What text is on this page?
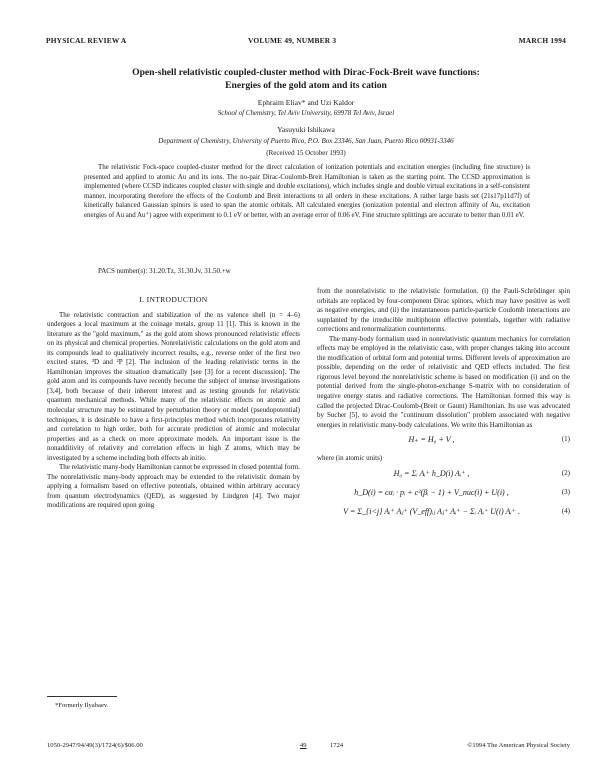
PHYSICAL REVIEW A	VOLUME 49, NUMBER 3	MARCH 1994
Open-shell relativistic coupled-cluster method with Dirac-Fock-Breit wave functions:
Energies of the gold atom and its cation
Ephraim Eliav* and Uzi Kaldor
School of Chemistry, Tel Aviv University, 69978 Tel Aviv, Israel
Yasuyuki Ishikawa
Department of Chemistry, University of Puerto Rico, P.O. Box 23346, San Juan, Puerto Rico 00931-3346
(Received 15 October 1993)
The relativistic Fock-space coupled-cluster method for the direct calculation of ionization potentials and excitation energies (including fine structure) is presented and applied to atomic Au and its ions. The no-pair Dirac-Coulomb-Breit Hamiltonian is taken as the starting point. The CCSD approximation is implemented (where CCSD indicates coupled cluster with single and double excitations), which includes single and double virtual excitations in a self-consistent manner, incorporating therefore the effects of the Coulomb and Breit interactions to all orders in these excitations. A rather large basis set (21s17p11d7f) of kinetically balanced Gaussian spinors is used to span the atomic orbitals. All calculated energies (ionization potential and electron affinity of Au, excitation energies of Au and Au⁺) agree with experiment to 0.1 eV or better, with an average error of 0.06 eV. Fine structure splittings are accurate to better than 0.01 eV.
PACS number(s): 31.20.Tz, 31.30.Jv, 31.50.+w
I. INTRODUCTION

The relativistic contraction and stabilization of the ns valence shell (n = 4–6) undergoes a local maximum at the coinage metals, group 11 [1]. This is known in the literature as the "gold maximum," as the gold atom shows pronounced relativistic effects on its physical and chemical properties. Nonrelativistic calculations on the gold atom and its compounds lead to qualitatively incorrect results, e.g., reverse order of the first two excited states, ²D and ²P [2]. The inclusion of the leading relativistic terms in the Hamiltonian improves the situation dramatically [see [3] for a recent discussion]. The gold atom and its compounds have recently become the subject of intense investigations [3,4], both because of their inherent interest and as testing grounds for relativistic quantum mechanical methods. While many of the relativistic effects on atomic and molecular structure may be estimated by perturbation theory or model (pseudopotential) techniques, it is desirable to have a first-principles method which incorporates relativity and correlation to high order, both for accurate prediction of atomic and molecular properties and as a check on more approximate models. An important issue is the nonadditivity of relativity and correlation effects in high Z atoms, which may be investigated by a scheme including both effects ab initio.

The relativistic many-body Hamiltonian cannot be expressed in closed potential form. The nonrelativistic many-body approach may be extended to the relativistic domain by applying a formalism based on effective potentials, obtained within arbitrary accuracy from quantum electrodynamics (QED), as suggested by Lindgren [4]. Two major modifications are required upon going

from the nonrelativistic to the relativistic formulation. (i) the Pauli-Schrödinger spin orbitals are replaced by four-component Dirac spinors, which may have positive as well as negative energies, and (ii) the instantaneous particle-particle Coulomb interactions are supplanted by the irreducible multiphoton effective potentials, together with radiative corrections and renormalization counterterms.

The many-body formalism used in nonrelativistic quantum mechanics for correlation effects may be employed in the relativistic case, with proper changes taking into account the modification of orbital form and potential terms. Different levels of approximation are possible, depending on the order of relativistic and QED effects included. The first rigorous level beyond the nonrelativistic scheme is based on modification (i) and on the potential derived from the single-photon-exchange S-matrix with no consideration of negative energy states and radiative corrections. The Hamiltonian formed this way is called the projected Dirac-Coulomb-(Breit or Gaunt) Hamiltonian. Its use was advocated by Sucher [5], to avoid the "continuum dissolution" problem associated with negative energies in relativistic many-body calculations. We write this Hamiltonian as

H₊ = H₀ + V ,	(1)

where (in atomic units)

H₀ = Σᵢ Aᵢ⁺ h_D(i) Aᵢ⁺ ,	(2)
h_D(i) = cαᵢ · pᵢ + c²(βᵢ − 1) + V_nuc(i) + U(i) ,	(3)
V = Σ_{i<j} Aᵢ⁺ Aⱼ⁺ (V_eff)ᵢⱼ Aⱼ⁺ Aᵢ⁺ − Σᵢ Aᵢ⁺ U(i) Aᵢ⁺ .	(4)
*Formerly Ilyabaev.
1050-2947/94/49(3)/1724(6)/$06.00	49	1724	©1994 The American Physical Society
